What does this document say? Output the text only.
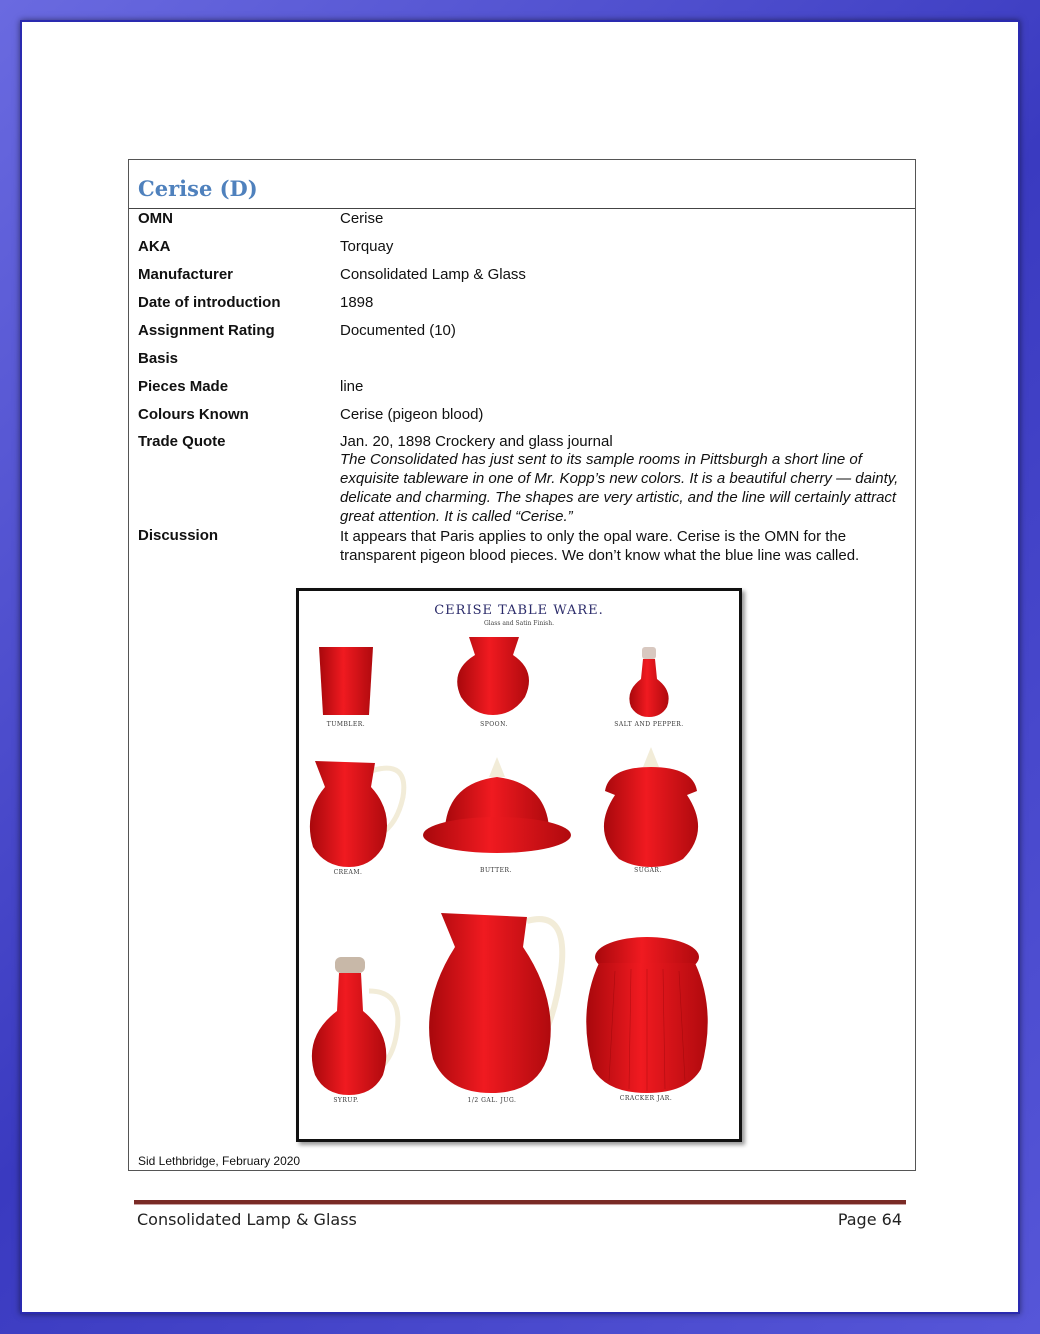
Cerise (D)
OMN	Cerise
AKA	Torquay
Manufacturer	Consolidated Lamp & Glass
Date of introduction	1898
Assignment Rating	Documented (10)
Basis
Pieces Made	line
Colours Known	Cerise (pigeon blood)
Trade Quote	Jan. 20, 1898 Crockery and glass journal
The Consolidated has just sent to its sample rooms in Pittsburgh a short line of exquisite tableware in one of Mr. Kopp’s new colors. It is a beautiful cherry — dainty, delicate and charming. The shapes are very artistic, and the line will certainly attract great attention. It is called “Cerise.”
Discussion	It appears that Paris applies to only the opal ware. Cerise is the OMN for the transparent pigeon blood pieces. We don’t know what the blue line was called.
CERISE TABLE WARE.
Glass and Satin Finish.
TUMBLER.	SPOON.	SALT AND PEPPER.
CREAM.	BUTTER.	SUGAR.
SYRUP.	1/2 GAL. JUG.	CRACKER JAR.
Sid Lethbridge, February 2020
Consolidated Lamp & Glass	Page 64
